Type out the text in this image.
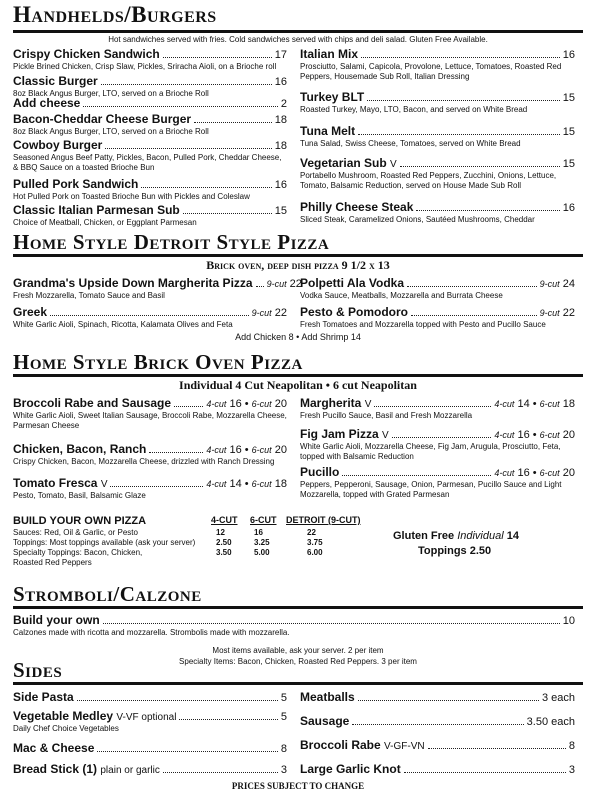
Handhelds/Burgers
Hot sandwiches served with fries. Cold sandwiches served with chips and deli salad. Gluten Free Available.
Crispy Chicken Sandwich	17
Pickle Brined Chicken, Crisp Slaw, Pickles, Sriracha Aioli, on a Brioche roll
Classic Burger	16
8oz Black Angus Burger, LTO, served on a Brioche Roll
Add cheese	2
Bacon-Cheddar Cheese Burger	18
8oz Black Angus Burger, LTO, served on a Brioche Roll
Cowboy Burger	18
Seasoned Angus Beef Patty, Pickles, Bacon, Pulled Pork, Cheddar Cheese, & BBQ Sauce on a toasted Brioche Bun
Pulled Pork Sandwich	16
Hot Pulled Pork on Toasted Brioche Bun with Pickles and Coleslaw
Classic Italian Parmesan Sub	15
Choice of Meatball, Chicken, or Eggplant Parmesan
Italian Mix	16
Prosciutto, Salami, Capicola, Provolone, Lettuce, Tomatoes, Roasted Red Peppers, Housemade Sub Roll, Italian Dressing
Turkey BLT	15
Roasted Turkey, Mayo, LTO, Bacon, and served on White Bread
Tuna Melt	15
Tuna Salad, Swiss Cheese, Tomatoes, served on White Bread
Vegetarian Sub V	15
Portabello Mushroom, Roasted Red Peppers, Zucchini, Onions, Lettuce, Tomato, Balsamic Reduction, served on House Made Sub Roll
Philly Cheese Steak	16
Sliced Steak, Caramelized Onions, Sautéed Mushrooms, Cheddar
Home Style Detroit Style Pizza
Brick oven, deep dish pizza 9 1/2 x 13
Grandma's Upside Down Margherita Pizza 9-cut 22
Fresh Mozzarella, Tomato Sauce and Basil
Greek	9-cut 22
White Garlic Aioli, Spinach, Ricotta, Kalamata Olives and Feta
Polpetti Ala Vodka	9-cut 24
Vodka Sauce, Meatballs, Mozzarella and Burrata Cheese
Pesto & Pomodoro	9-cut 22
Fresh Tomatoes and Mozzarella topped with Pesto and Pucillo Sauce
Add Chicken 8 • Add Shrimp 14
Home Style Brick Oven Pizza
Individual 4 Cut Neapolitan • 6 cut Neapolitan
Broccoli Rabe and Sausage	4-cut 16 • 6-cut 20
White Garlic Aioli, Sweet Italian Sausage, Broccoli Rabe, Mozzarella Cheese, Parmesan Cheese
Chicken, Bacon, Ranch	4-cut 16 • 6-cut 20
Crispy Chicken, Bacon, Mozzarella Cheese, drizzled with Ranch Dressing
Tomato Fresca V	4-cut 14 • 6-cut 18
Pesto, Tomato, Basil, Balsamic Glaze
Margherita V	4-cut 14 • 6-cut 18
Fresh Pucillo Sauce, Basil and Fresh Mozzarella
Fig Jam Pizza V	4-cut 16 • 6-cut 20
White Garlic Aioli, Mozzarella Cheese, Fig Jam, Arugula, Prosciutto, Feta, topped with Balsamic Reduction
Pucillo	4-cut 16 • 6-cut 20
Peppers, Pepperoni, Sausage, Onion, Parmesan, Pucillo Sauce and Light Mozzarella, topped with Grated Parmesan
BUILD YOUR OWN PIZZA	4-CUT 6-CUT DETROIT (9-CUT)
Sauces: Red, Oil & Garlic, or Pesto	12	16	22
Toppings: Most toppings available (ask your server)	2.50	3.25	3.75
Specialty Toppings: Bacon, Chicken,	3.50	5.00	6.00
Roasted Red Peppers
Gluten Free Individual 14
Toppings 2.50
Stromboli/Calzone
Build your own	10
Calzones made with ricotta and mozzarella. Strombolis made with mozzarella.
Most items available, ask your server. 2 per item
Specialty Items: Bacon, Chicken, Roasted Red Peppers. 3 per item
Sides
Side Pasta	5
Vegetable Medley V-VF optional	5
Daily Chef Choice Vegetables
Mac & Cheese	8
Bread Stick (1) plain or garlic	3
Meatballs	3 each
Sausage	3.50 each
Broccoli Rabe V-GF-VN	8
Large Garlic Knot	3
PRICES SUBJECT TO CHANGE
